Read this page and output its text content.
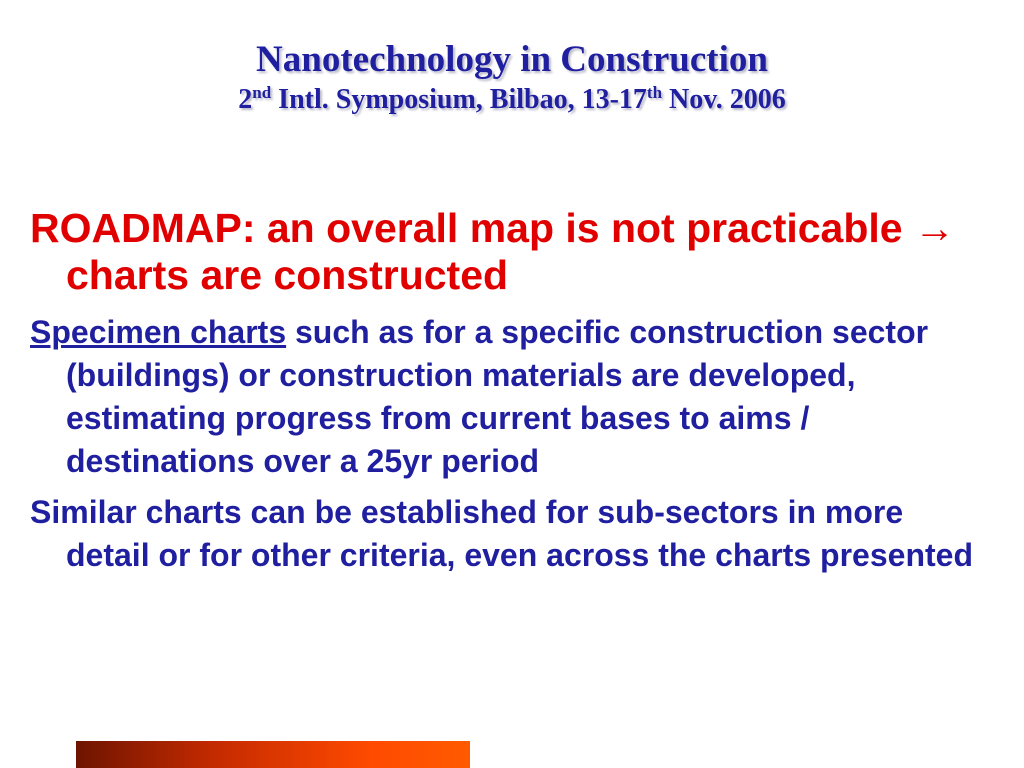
Nanotechnology in Construction
2nd Intl. Symposium, Bilbao, 13-17th Nov. 2006

ROADMAP: an overall map is not practicable → charts are constructed

Specimen charts such as for a specific construction sector (buildings) or construction materials are developed, estimating progress from current bases to aims / destinations over a 25yr period

Similar charts can be established for sub-sectors in more detail or for other criteria, even across the charts presented
